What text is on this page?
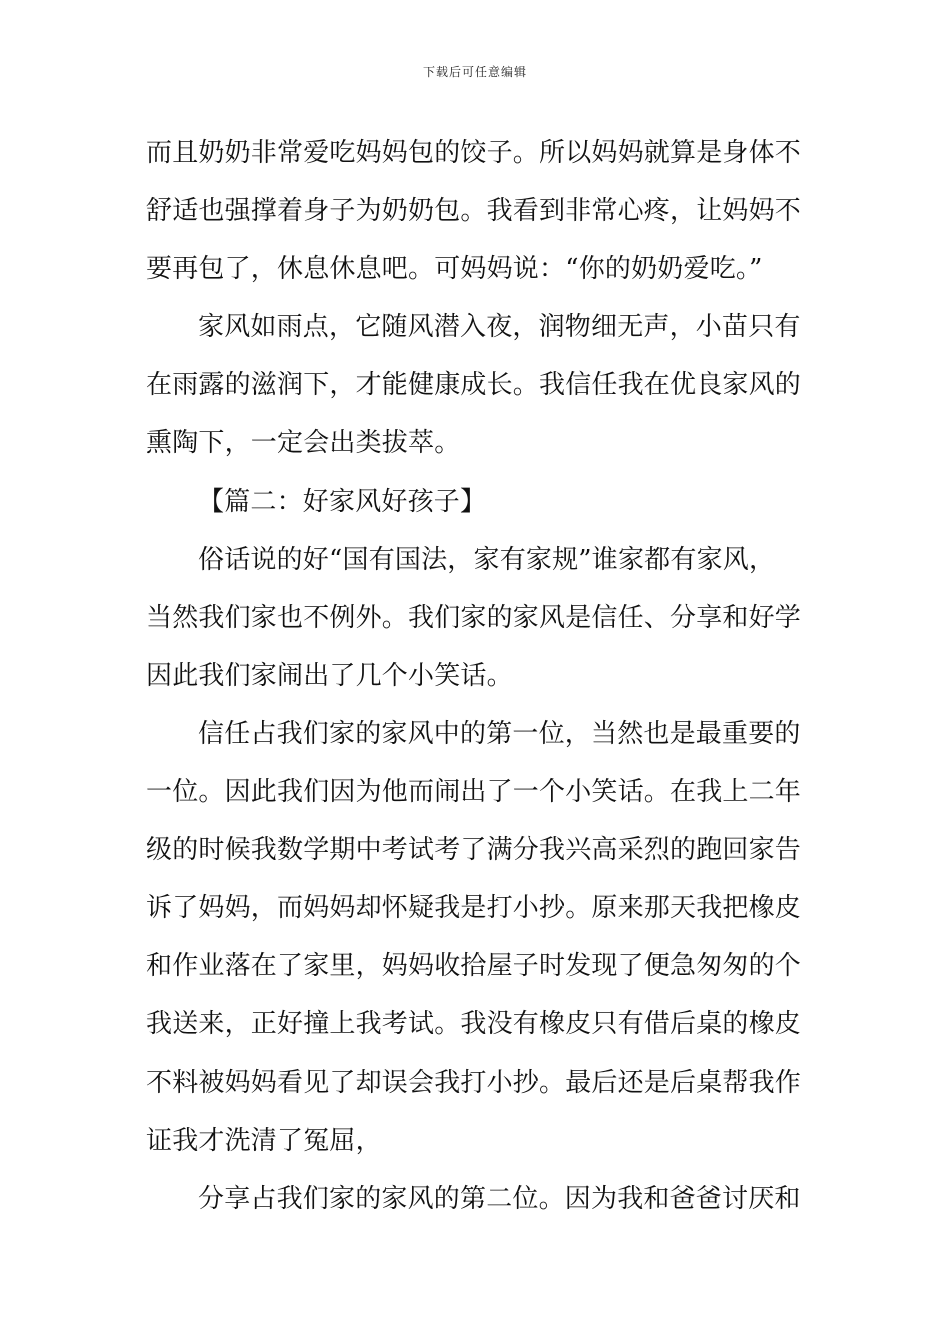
下载后可任意编辑
而且奶奶非常爱吃妈妈包的饺子。所以妈妈就算是身体不
舒适也强撑着身子为奶奶包。我看到非常心疼，让妈妈不
要再包了，休息休息吧。可妈妈说：“你的奶奶爱吃。”
家风如雨点，它随风潜入夜，润物细无声，小苗只有
在雨露的滋润下，才能健康成长。我信任我在优良家风的
熏陶下，一定会出类拔萃。
【篇二：好家风好孩子】
俗话说的好“国有国法，家有家规”谁家都有家风，
当然我们家也不例外。我们家的家风是信任、分享和好学
因此我们家闹出了几个小笑话。
信任占我们家的家风中的第一位，当然也是最重要的
一位。因此我们因为他而闹出了一个小笑话。在我上二年
级的时候我数学期中考试考了满分我兴高采烈的跑回家告
诉了妈妈，而妈妈却怀疑我是打小抄。原来那天我把橡皮
和作业落在了家里，妈妈收拾屋子时发现了便急匆匆的个
我送来，正好撞上我考试。我没有橡皮只有借后桌的橡皮
不料被妈妈看见了却误会我打小抄。最后还是后桌帮我作
证我才洗清了冤屈，
分享占我们家的家风的第二位。因为我和爸爸讨厌和
